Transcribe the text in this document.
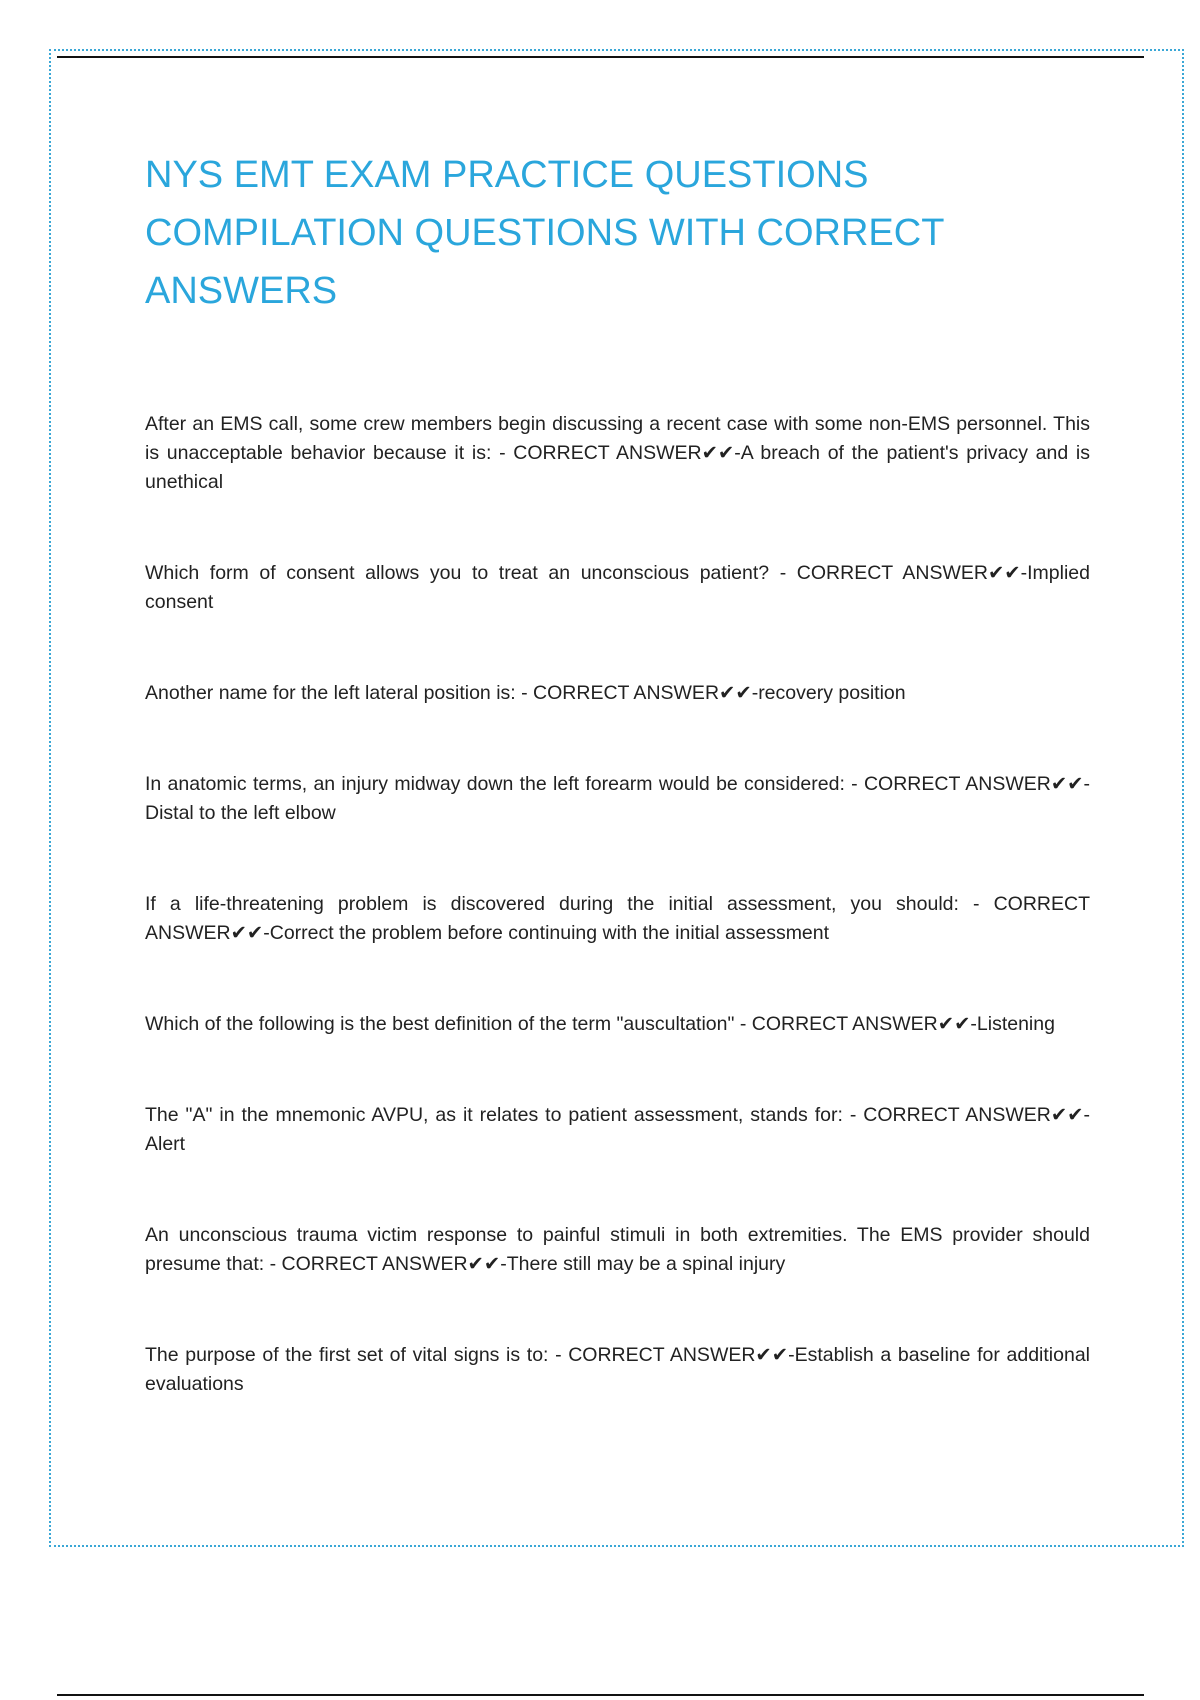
NYS EMT EXAM PRACTICE QUESTIONS COMPILATION QUESTIONS WITH CORRECT ANSWERS
After an EMS call, some crew members begin discussing a recent case with some non-EMS personnel. This is unacceptable behavior because it is: - CORRECT ANSWER✔✔-A breach of the patient's privacy and is unethical
Which form of consent allows you to treat an unconscious patient? - CORRECT ANSWER✔✔-Implied consent
Another name for the left lateral position is: - CORRECT ANSWER✔✔-recovery position
In anatomic terms, an injury midway down the left forearm would be considered: - CORRECT ANSWER✔✔-Distal to the left elbow
If a life-threatening problem is discovered during the initial assessment, you should: - CORRECT ANSWER✔✔-Correct the problem before continuing with the initial assessment
Which of the following is the best definition of the term "auscultation" - CORRECT ANSWER✔✔-Listening
The "A" in the mnemonic AVPU, as it relates to patient assessment, stands for: - CORRECT ANSWER✔✔-Alert
An unconscious trauma victim response to painful stimuli in both extremities. The EMS provider should presume that: - CORRECT ANSWER✔✔-There still may be a spinal injury
The purpose of the first set of vital signs is to: - CORRECT ANSWER✔✔-Establish a baseline for additional evaluations
